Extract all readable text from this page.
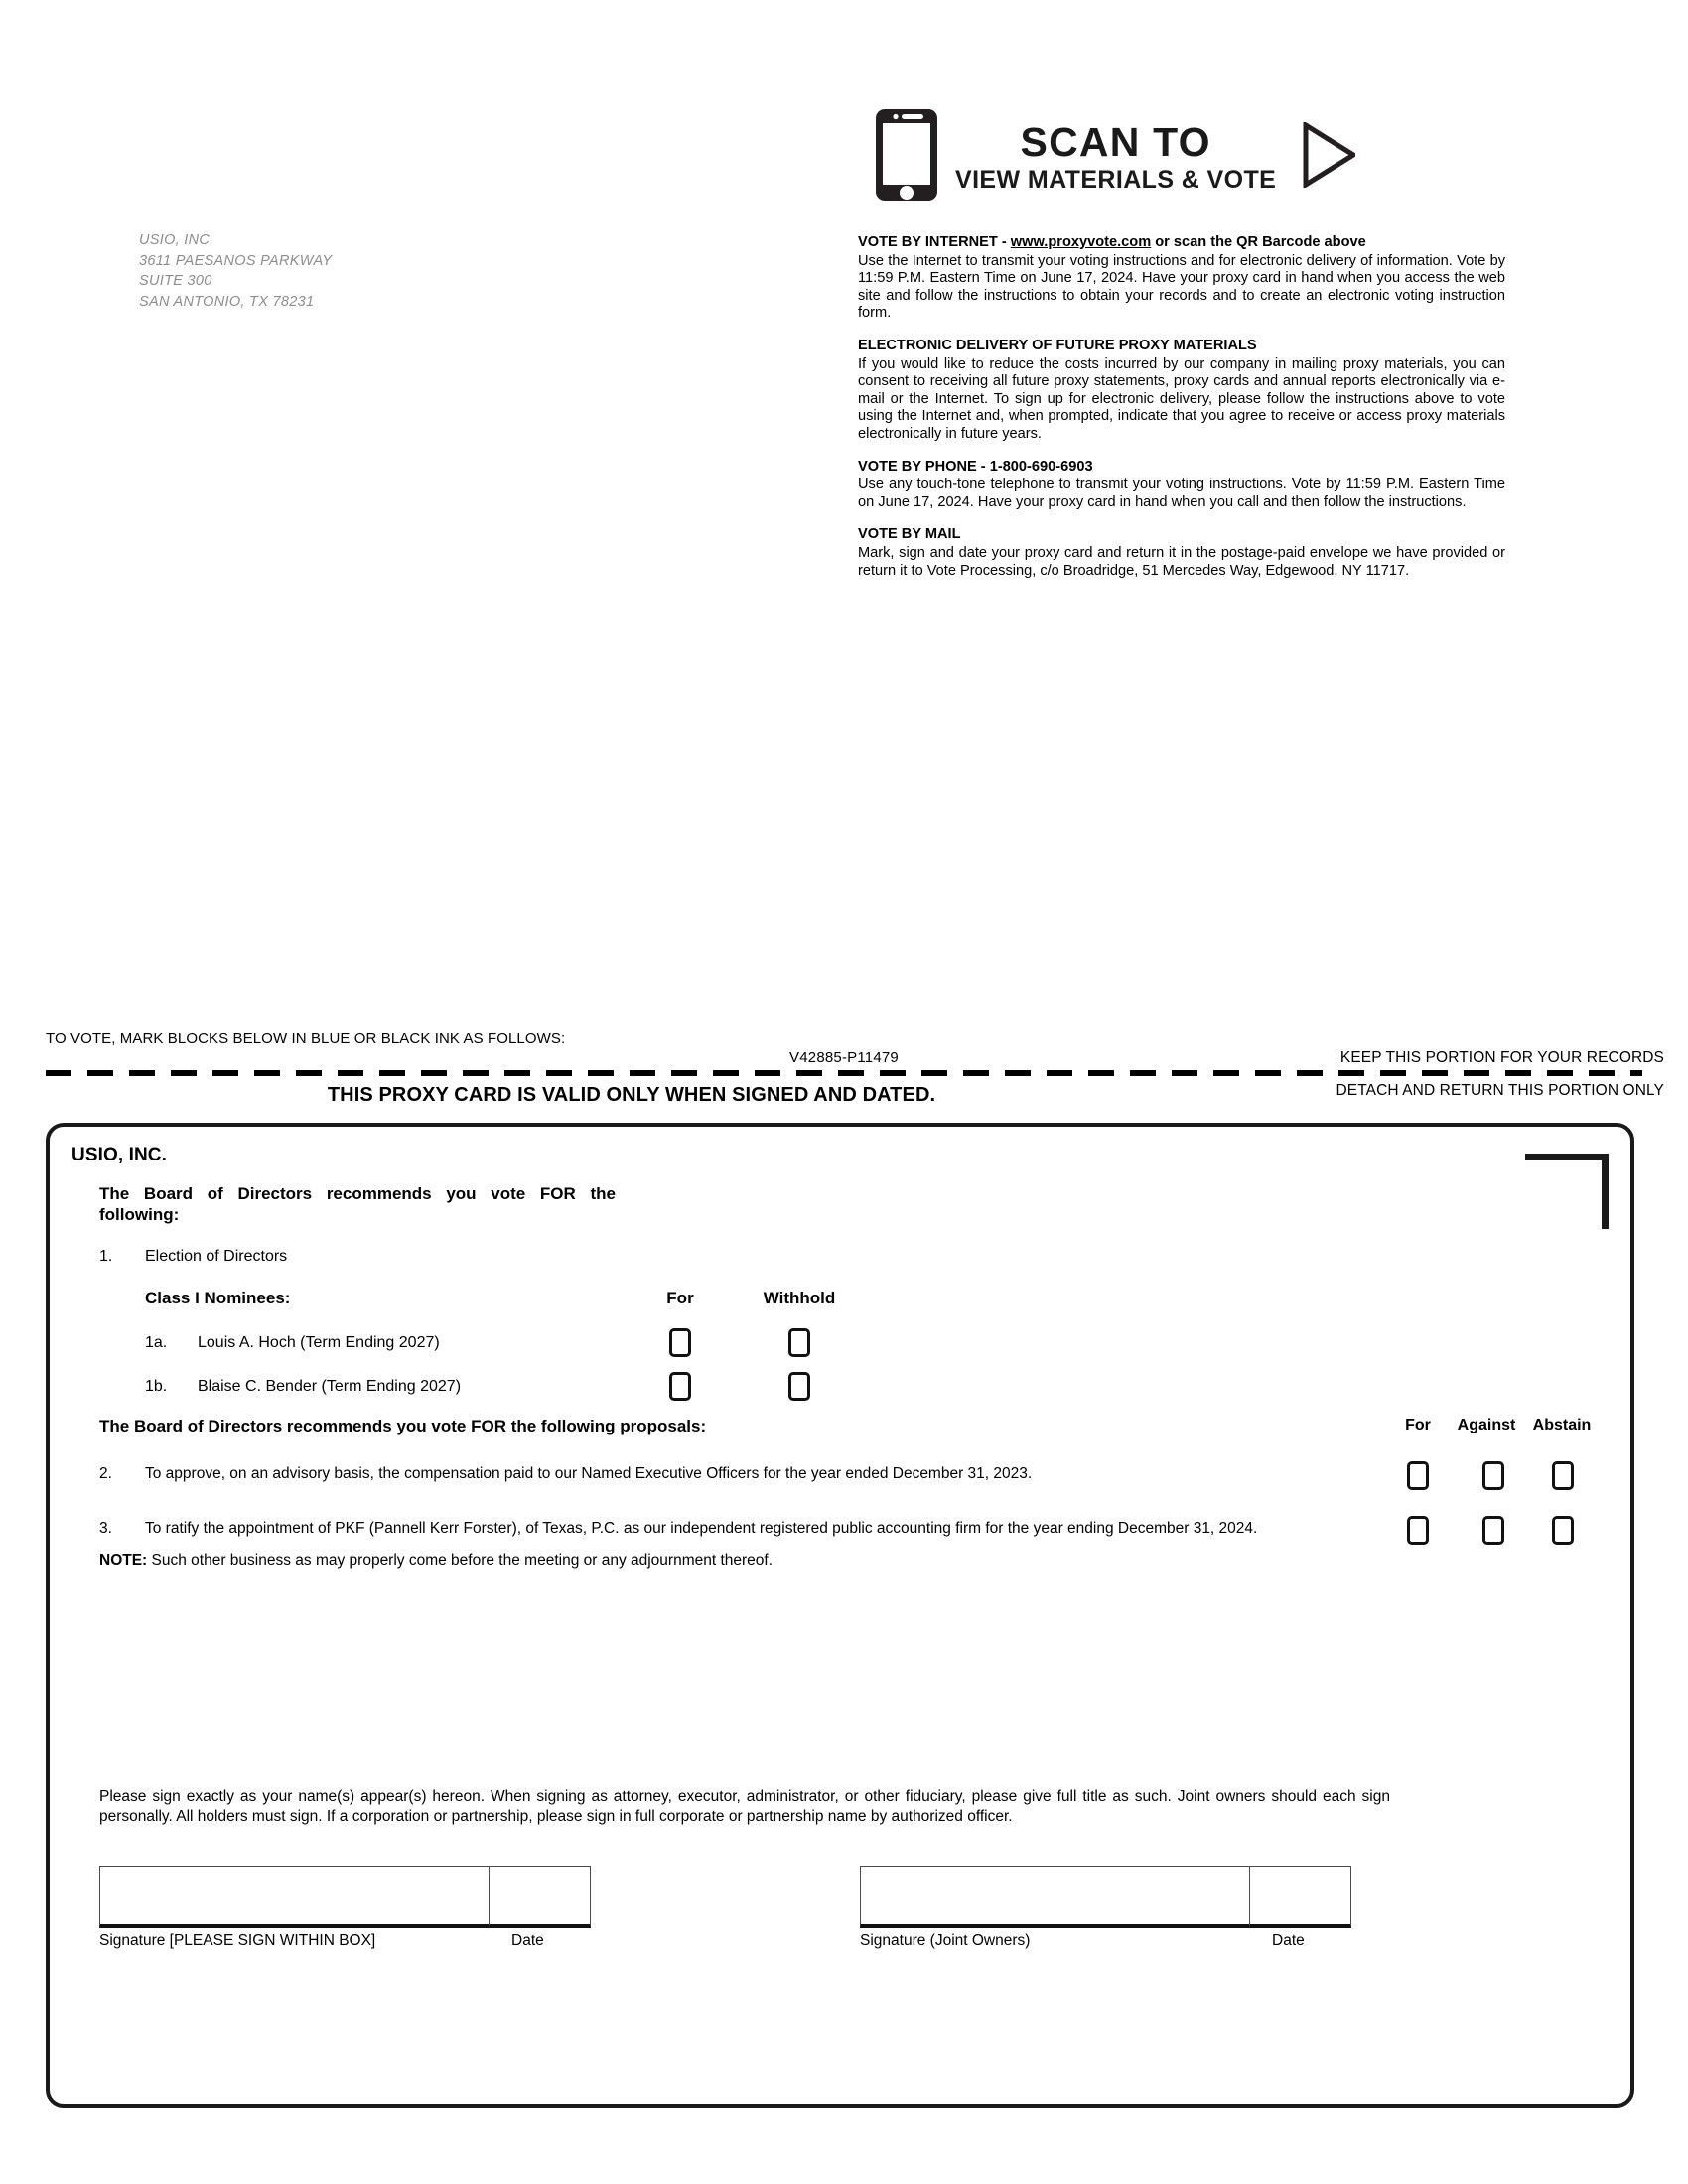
SCAN TO
VIEW MATERIALS & VOTE
USIO, INC.
3611 PAESANOS PARKWAY
SUITE 300
SAN ANTONIO, TX 78231

VOTE BY INTERNET - www.proxyvote.com or scan the QR Barcode above
Use the Internet to transmit your voting instructions and for electronic delivery of information. Vote by 11:59 P.M. Eastern Time on June 17, 2024. Have your proxy card in hand when you access the web site and follow the instructions to obtain your records and to create an electronic voting instruction form.

ELECTRONIC DELIVERY OF FUTURE PROXY MATERIALS
If you would like to reduce the costs incurred by our company in mailing proxy materials, you can consent to receiving all future proxy statements, proxy cards and annual reports electronically via e-mail or the Internet. To sign up for electronic delivery, please follow the instructions above to vote using the Internet and, when prompted, indicate that you agree to receive or access proxy materials electronically in future years.

VOTE BY PHONE - 1-800-690-6903
Use any touch-tone telephone to transmit your voting instructions. Vote by 11:59 P.M. Eastern Time on June 17, 2024. Have your proxy card in hand when you call and then follow the instructions.

VOTE BY MAIL
Mark, sign and date your proxy card and return it in the postage-paid envelope we have provided or return it to Vote Processing, c/o Broadridge, 51 Mercedes Way, Edgewood, NY 11717.

TO VOTE, MARK BLOCKS BELOW IN BLUE OR BLACK INK AS FOLLOWS:
V42885-P11479	KEEP THIS PORTION FOR YOUR RECORDS
DETACH AND RETURN THIS PORTION ONLY
THIS PROXY CARD IS VALID ONLY WHEN SIGNED AND DATED.
USIO, INC.
The Board of Directors recommends you vote FOR the following:
1. Election of Directors
Class I Nominees:	For	Withhold
1a. Louis A. Hoch (Term Ending 2027)
1b. Blaise C. Bender (Term Ending 2027)
The Board of Directors recommends you vote FOR the following proposals:	For	Against	Abstain
2. To approve, on an advisory basis, the compensation paid to our Named Executive Officers for the year ended December 31, 2023.
3. To ratify the appointment of PKF (Pannell Kerr Forster), of Texas, P.C. as our independent registered public accounting firm for the year ending December 31, 2024.
NOTE: Such other business as may properly come before the meeting or any adjournment thereof.
Please sign exactly as your name(s) appear(s) hereon. When signing as attorney, executor, administrator, or other fiduciary, please give full title as such. Joint owners should each sign personally. All holders must sign. If a corporation or partnership, please sign in full corporate or partnership name by authorized officer.
Signature [PLEASE SIGN WITHIN BOX]	Date	Signature (Joint Owners)	Date
